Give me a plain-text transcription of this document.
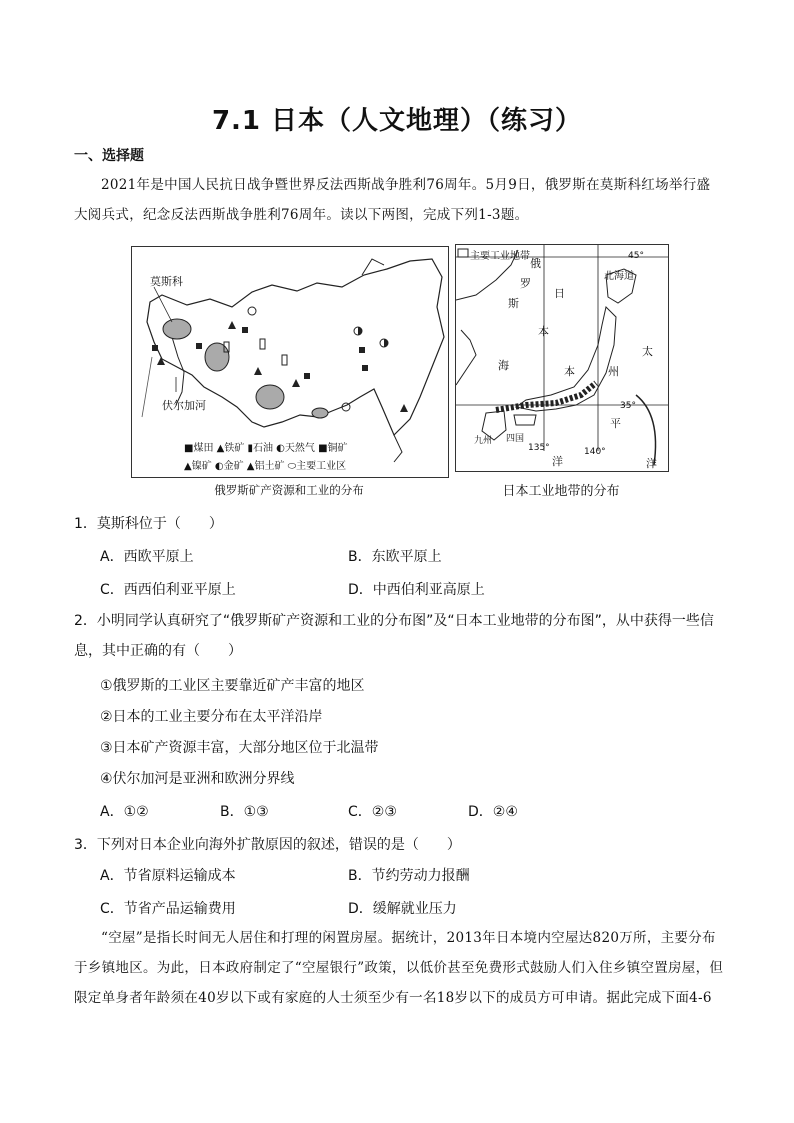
7.1 日本（人文地理）（练习）
一、选择题
2021年是中国人民抗日战争暨世界反法西斯战争胜利76周年。5月9日，俄罗斯在莫斯科红场举行盛大阅兵式，纪念反法西斯战争胜利76周年。读以下两图，完成下列1-3题。
莫斯科
伏尔加河
■煤田 ▲铁矿 ▮石油 ◐天然气 ■铜矿
▲镍矿 ◐金矿 ▲铝土矿 ⬭主要工业区
俄罗斯矿产资源和工业的分布
主要工业地带	45°
35°
135°	140°
俄
罗
斯
日
本
海
北海道
本	州
九州 四国
太
平
洋	洋
日本工业地带的分布
1．莫斯科位于（　　）
A．西欧平原上	B．东欧平原上
C．西西伯利亚平原上	D．中西伯利亚高原上
2．小明同学认真研究了“俄罗斯矿产资源和工业的分布图”及“日本工业地带的分布图”，从中获得一些信息，其中正确的有（　　）
①俄罗斯的工业区主要靠近矿产丰富的地区
②日本的工业主要分布在太平洋沿岸
③日本矿产资源丰富，大部分地区位于北温带
④伏尔加河是亚洲和欧洲分界线
A．①②	B．①③	C．②③	D．②④
3．下列对日本企业向海外扩散原因的叙述，错误的是（　　）
A．节省原料运输成本	B．节约劳动力报酬
C．节省产品运输费用	D．缓解就业压力
“空屋”是指长时间无人居住和打理的闲置房屋。据统计，2013年日本境内空屋达820万所，主要分布于乡镇地区。为此，日本政府制定了“空屋银行”政策，以低价甚至免费形式鼓励人们入住乡镇空置房屋，但限定单身者年龄须在40岁以下或有家庭的人士须至少有一名18岁以下的成员方可申请。据此完成下面4-6
